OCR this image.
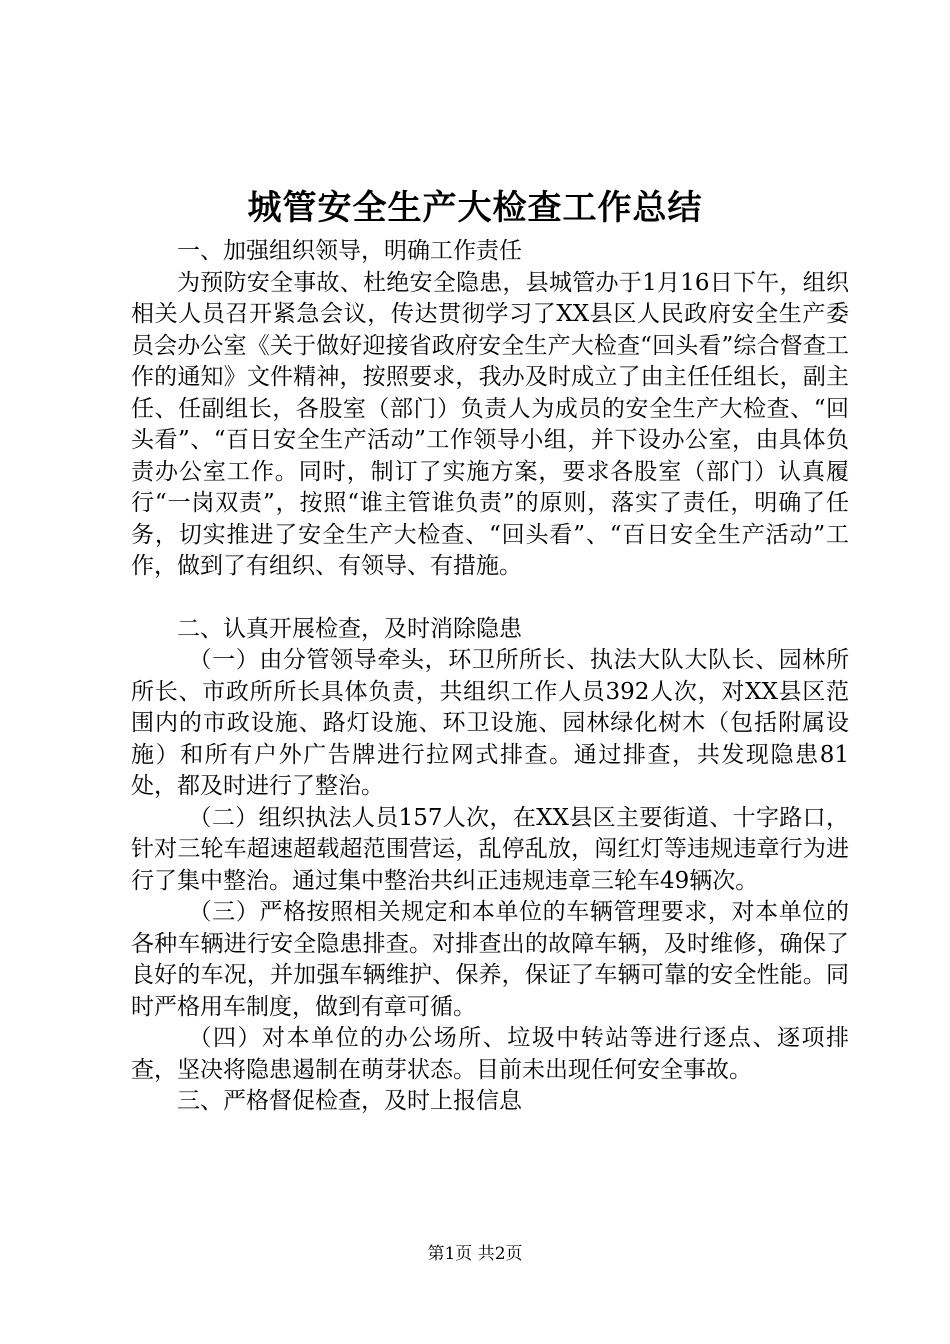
城管安全生产大检查工作总结

一、加强组织领导，明确工作责任

为预防安全事故、杜绝安全隐患，县城管办于1月16日下午，组织相关人员召开紧急会议，传达贯彻学习了XX县区人民政府安全生产委员会办公室《关于做好迎接省政府安全生产大检查“回头看”综合督查工作的通知》文件精神，按照要求，我办及时成立了由主任任组长，副主任、任副组长，各股室（部门）负责人为成员的安全生产大检查、“回头看”、“百日安全生产活动”工作领导小组，并下设办公室，由具体负责办公室工作。同时，制订了实施方案，要求各股室（部门）认真履行“一岗双责”，按照“谁主管谁负责”的原则，落实了责任，明确了任务，切实推进了安全生产大检查、“回头看”、“百日安全生产活动”工作，做到了有组织、有领导、有措施。

二、认真开展检查，及时消除隐患

（一）由分管领导牵头，环卫所所长、执法大队大队长、园林所所长、市政所所长具体负责，共组织工作人员392人次，对XX县区范围内的市政设施、路灯设施、环卫设施、园林绿化树木（包括附属设施）和所有户外广告牌进行拉网式排查。通过排查，共发现隐患81处，都及时进行了整治。

（二）组织执法人员157人次，在XX县区主要街道、十字路口，针对三轮车超速超载超范围营运，乱停乱放，闯红灯等违规违章行为进行了集中整治。通过集中整治共纠正违规违章三轮车49辆次。

（三）严格按照相关规定和本单位的车辆管理要求，对本单位的各种车辆进行安全隐患排查。对排查出的故障车辆，及时维修，确保了良好的车况，并加强车辆维护、保养，保证了车辆可靠的安全性能。同时严格用车制度，做到有章可循。

（四）对本单位的办公场所、垃圾中转站等进行逐点、逐项排查，坚决将隐患遏制在萌芽状态。目前未出现任何安全事故。

三、严格督促检查，及时上报信息

第1页 共2页
